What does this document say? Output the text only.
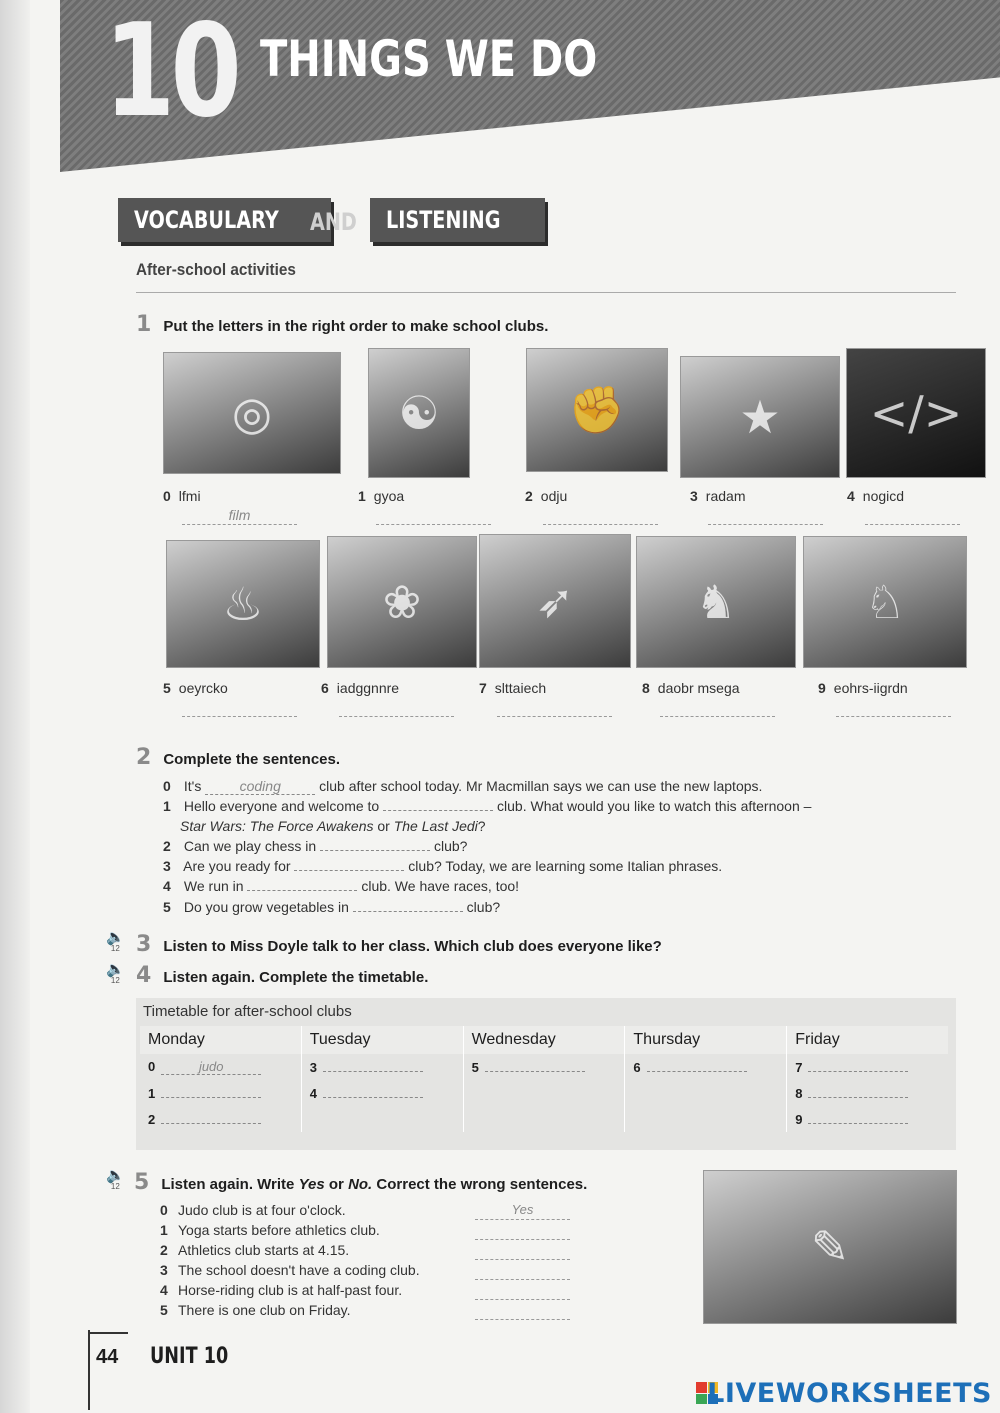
10 THINGS WE DO
VOCABULARY	AND	LISTENING
After-school activities
1 Put the letters in the right order to make school clubs.
◎	☯	✊ ★ </>
0 lfmi
film
1 gyoa	2 odju	3 radam	4 nogicd
♨	❀ ➶	♞	♘
5 oeyrcko	6 iadggnnre	7 slttaiech	8 daobr msega	9 eohrs-iigrdn
2 Complete the sentences.
0 It's	coding	club after school today. Mr Macmillan says we can use the new laptops.
1 Hello everyone and welcome to	club. What would you like to watch this afternoon –
Star Wars: The Force Awakens or The Last Jedi?
2 Can we play chess in	club?
3 Are you ready for	club? Today, we are learning some Italian phrases.
4 We run in	club. We have races, too!
5 Do you grow vegetables in	club?
🔈
12 3 Listen to Miss Doyle talk to her class. Which club does everyone like?
🔈
12 4 Listen again. Complete the timetable.
Timetable for after-school clubs
Monday	Tuesday	Wednesday	Thursday	Friday
0 judo	3	5	6	7
1	4			8
2				9
🔈
12 5 Listen again. Write Yes or No. Correct the wrong sentences.
0 Judo club is at four o'clock.	Yes
1 Yoga starts before athletics club.
2 Athletics club starts at 4.15.
3 The school doesn't have a coding club.
4 Horse-riding club is at half-past four.
5 There is one club on Friday.
✎
44 UNIT 10
LIVEWORKSHEETS
